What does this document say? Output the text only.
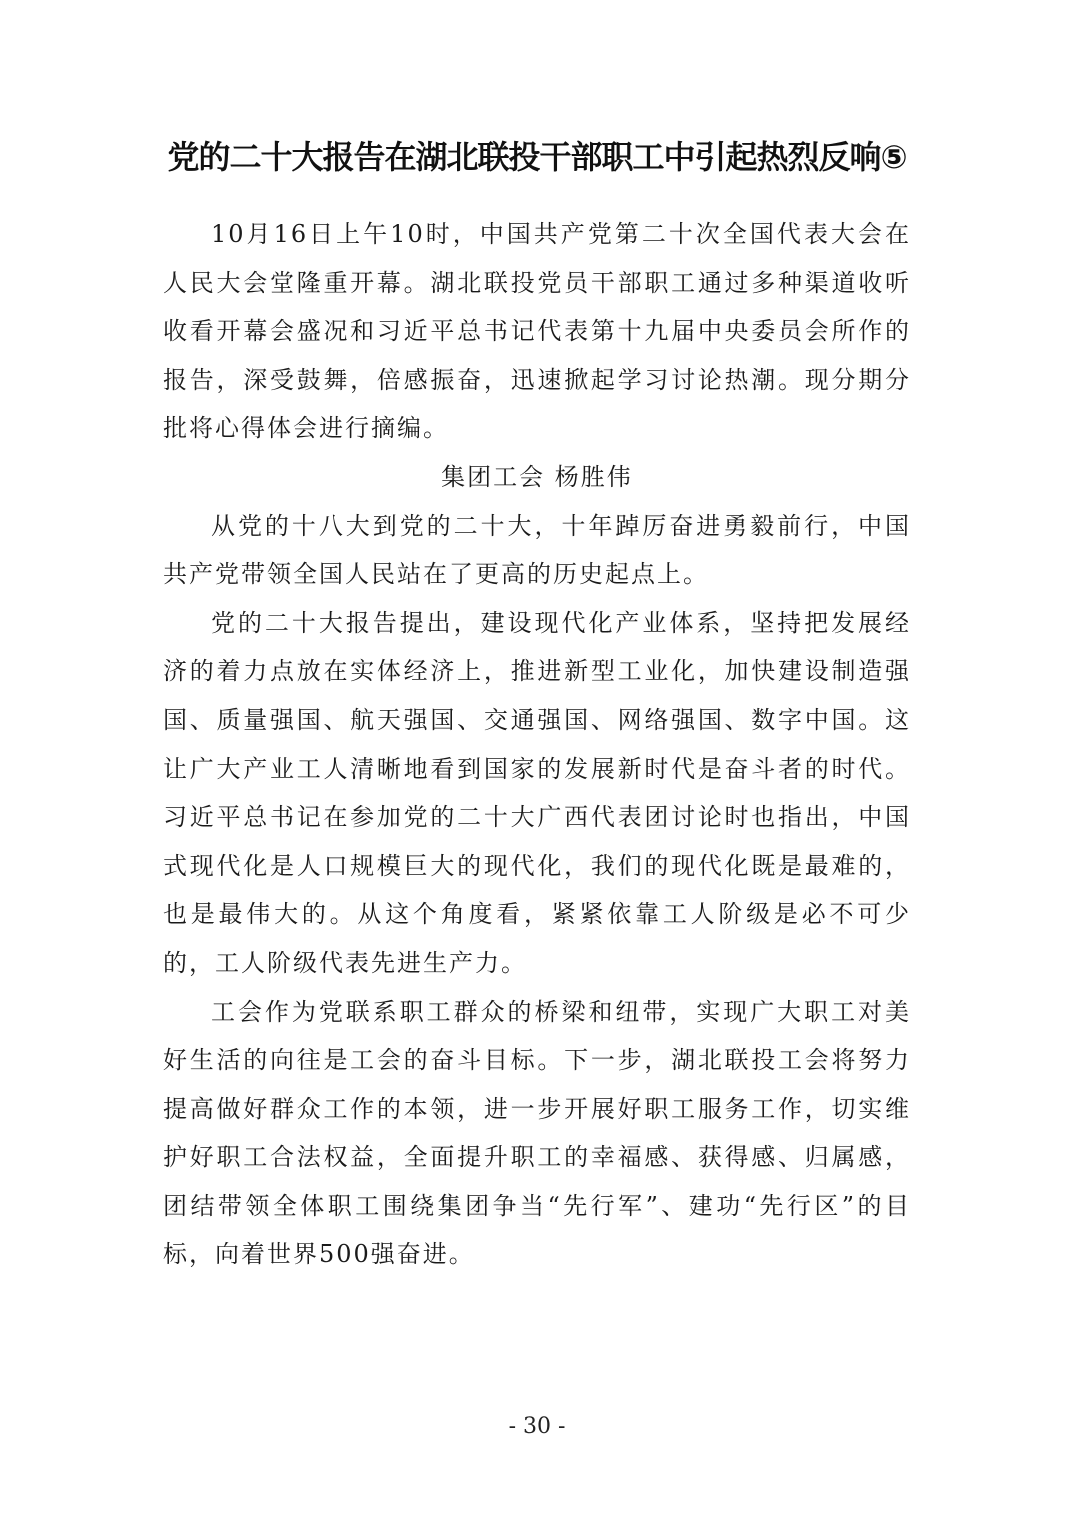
党的二十大报告在湖北联投干部职工中引起热烈反响⑤

10月16日上午10时，中国共产党第二十次全国代表大会在人民大会堂隆重开幕。湖北联投党员干部职工通过多种渠道收听收看开幕会盛况和习近平总书记代表第十九届中央委员会所作的报告，深受鼓舞，倍感振奋，迅速掀起学习讨论热潮。现分期分批将心得体会进行摘编。

集团工会 杨胜伟

从党的十八大到党的二十大，十年踔厉奋进勇毅前行，中国共产党带领全国人民站在了更高的历史起点上。

党的二十大报告提出，建设现代化产业体系，坚持把发展经济的着力点放在实体经济上，推进新型工业化，加快建设制造强国、质量强国、航天强国、交通强国、网络强国、数字中国。这让广大产业工人清晰地看到国家的发展新时代是奋斗者的时代。习近平总书记在参加党的二十大广西代表团讨论时也指出，中国式现代化是人口规模巨大的现代化，我们的现代化既是最难的，也是最伟大的。从这个角度看，紧紧依靠工人阶级是必不可少的，工人阶级代表先进生产力。

工会作为党联系职工群众的桥梁和纽带，实现广大职工对美好生活的向往是工会的奋斗目标。下一步，湖北联投工会将努力提高做好群众工作的本领，进一步开展好职工服务工作，切实维护好职工合法权益，全面提升职工的幸福感、获得感、归属感，团结带领全体职工围绕集团争当“先行军”、建功“先行区”的目标，向着世界500强奋进。

- 30 -
